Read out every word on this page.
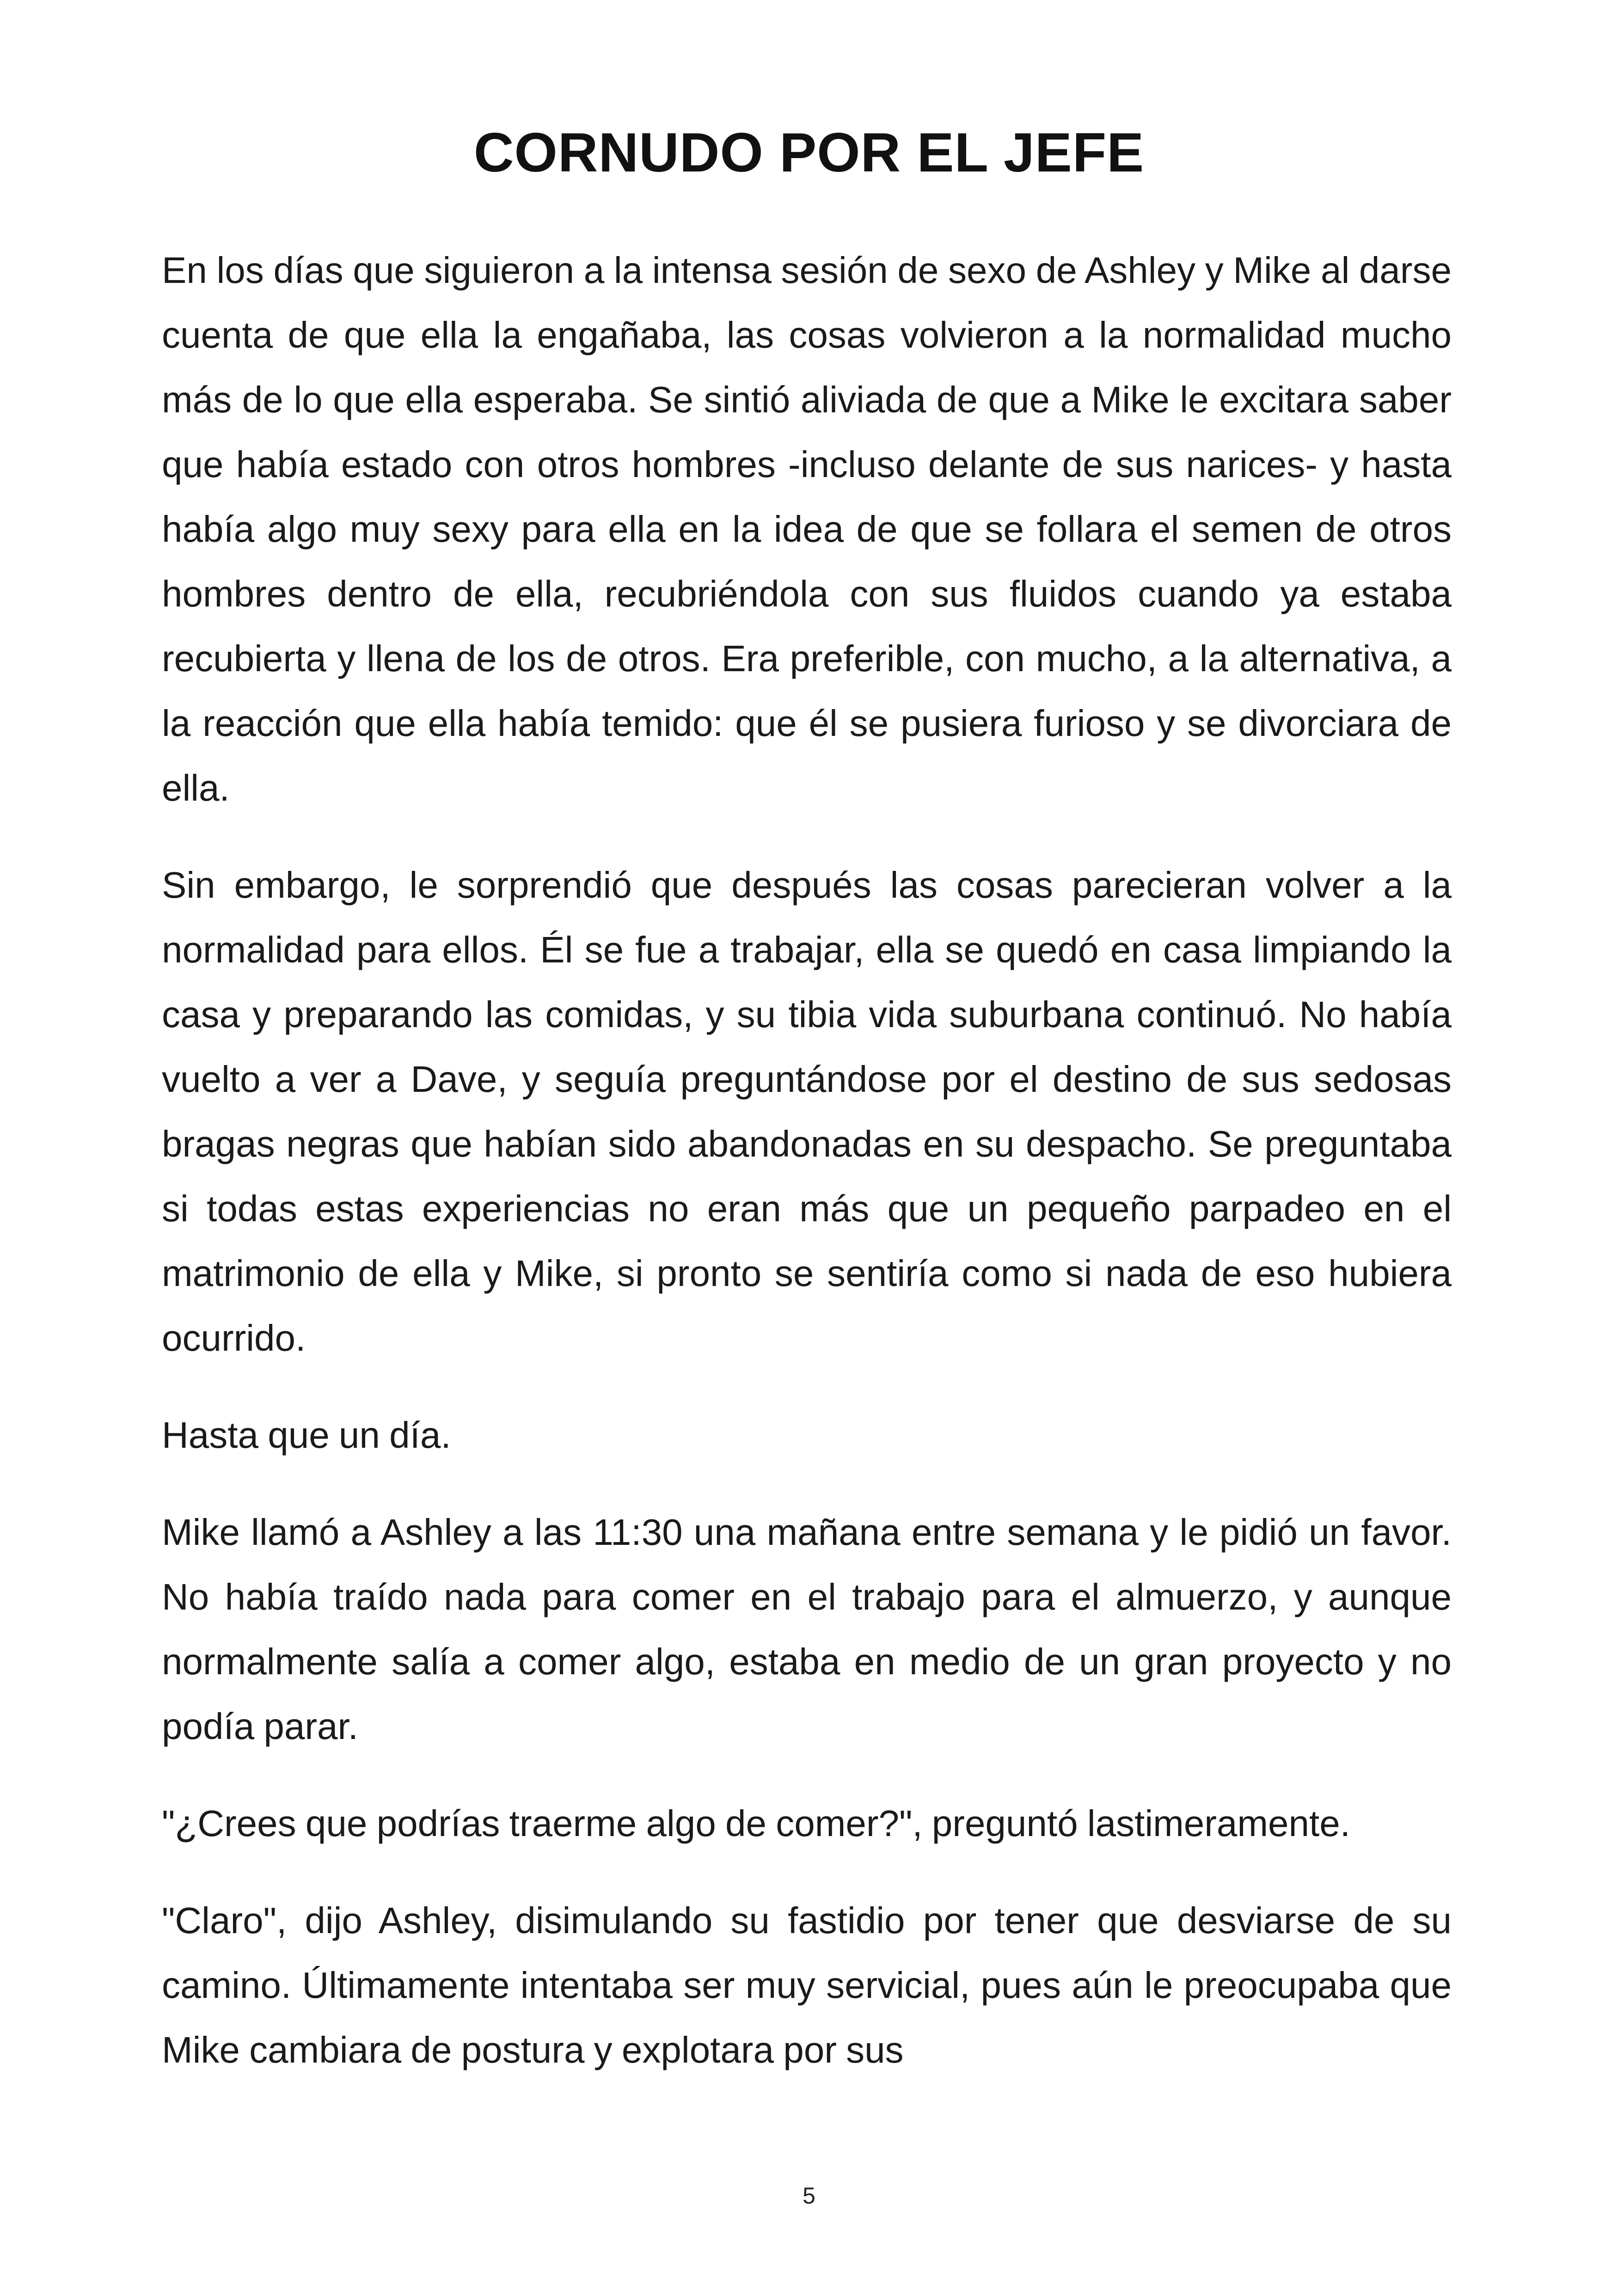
CORNUDO POR EL JEFE

En los días que siguieron a la intensa sesión de sexo de Ashley y Mike al darse cuenta de que ella la engañaba, las cosas volvieron a la normalidad mucho más de lo que ella esperaba. Se sintió aliviada de que a Mike le excitara saber que había estado con otros hombres -incluso delante de sus narices- y hasta había algo muy sexy para ella en la idea de que se follara el semen de otros hombres dentro de ella, recubriéndola con sus fluidos cuando ya estaba recubierta y llena de los de otros. Era preferible, con mucho, a la alternativa, a la reacción que ella había temido: que él se pusiera furioso y se divorciara de ella.

Sin embargo, le sorprendió que después las cosas parecieran volver a la normalidad para ellos. Él se fue a trabajar, ella se quedó en casa limpiando la casa y preparando las comidas, y su tibia vida suburbana continuó. No había vuelto a ver a Dave, y seguía preguntándose por el destino de sus sedosas bragas negras que habían sido abandonadas en su despacho. Se preguntaba si todas estas experiencias no eran más que un pequeño parpadeo en el matrimonio de ella y Mike, si pronto se sentiría como si nada de eso hubiera ocurrido.

Hasta que un día.

Mike llamó a Ashley a las 11:30 una mañana entre semana y le pidió un favor. No había traído nada para comer en el trabajo para el almuerzo, y aunque normalmente salía a comer algo, estaba en medio de un gran proyecto y no podía parar.

"¿Crees que podrías traerme algo de comer?", preguntó lastimeramente.

"Claro", dijo Ashley, disimulando su fastidio por tener que desviarse de su camino. Últimamente intentaba ser muy servicial, pues aún le preocupaba que Mike cambiara de postura y explotara por sus

5
